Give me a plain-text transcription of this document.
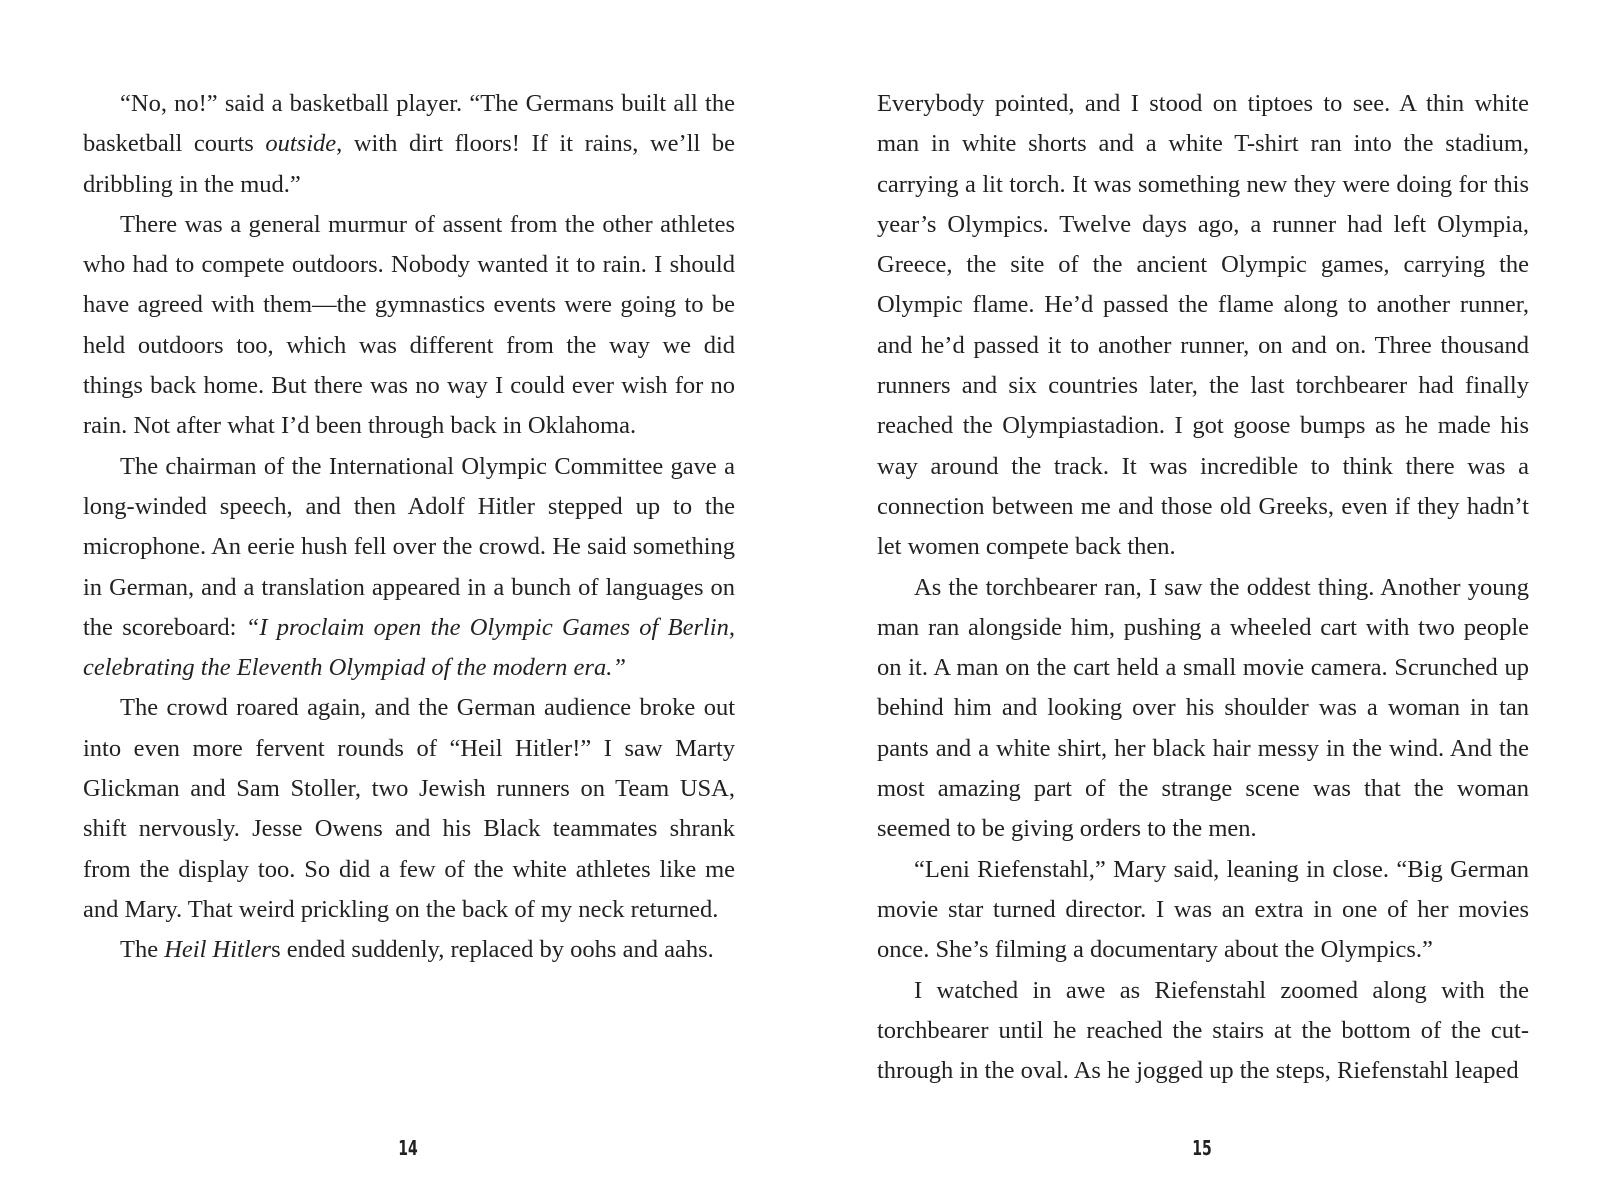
“No, no!” said a basketball player. “The Germans built all the basketball courts outside, with dirt floors! If it rains, we’ll be dribbling in the mud.”

There was a general murmur of assent from the other athletes who had to compete outdoors. Nobody wanted it to rain. I should have agreed with them—the gymnastics events were going to be held outdoors too, which was different from the way we did things back home. But there was no way I could ever wish for no rain. Not after what I’d been through back in Oklahoma.

The chairman of the International Olympic Committee gave a long-winded speech, and then Adolf Hitler stepped up to the microphone. An eerie hush fell over the crowd. He said something in German, and a translation appeared in a bunch of languages on the scoreboard: “I proclaim open the Olympic Games of Berlin, celebrating the Eleventh Olympiad of the modern era.”

The crowd roared again, and the German audience broke out into even more fervent rounds of “Heil Hitler!” I saw Marty Glickman and Sam Stoller, two Jewish runners on Team USA, shift nervously. Jesse Owens and his Black teammates shrank from the display too. So did a few of the white athletes like me and Mary. That weird prickling on the back of my neck returned.

The Heil Hitlers ended suddenly, replaced by oohs and aahs.

14

Everybody pointed, and I stood on tiptoes to see. A thin white man in white shorts and a white T-shirt ran into the stadium, carrying a lit torch. It was something new they were doing for this year’s Olympics. Twelve days ago, a runner had left Olympia, Greece, the site of the ancient Olympic games, carrying the Olympic flame. He’d passed the flame along to another runner, and he’d passed it to another runner, on and on. Three thousand runners and six countries later, the last torchbearer had finally reached the Olympiastadion. I got goose bumps as he made his way around the track. It was incredible to think there was a connection between me and those old Greeks, even if they hadn’t let women compete back then.

As the torchbearer ran, I saw the oddest thing. Another young man ran alongside him, pushing a wheeled cart with two people on it. A man on the cart held a small movie camera. Scrunched up behind him and looking over his shoulder was a woman in tan pants and a white shirt, her black hair messy in the wind. And the most amazing part of the strange scene was that the woman seemed to be giving orders to the men.

“Leni Riefenstahl,” Mary said, leaning in close. “Big German movie star turned director. I was an extra in one of her movies once. She’s filming a documentary about the Olympics.”

I watched in awe as Riefenstahl zoomed along with the torchbearer until he reached the stairs at the bottom of the cut-through in the oval. As he jogged up the steps, Riefenstahl leaped

15
